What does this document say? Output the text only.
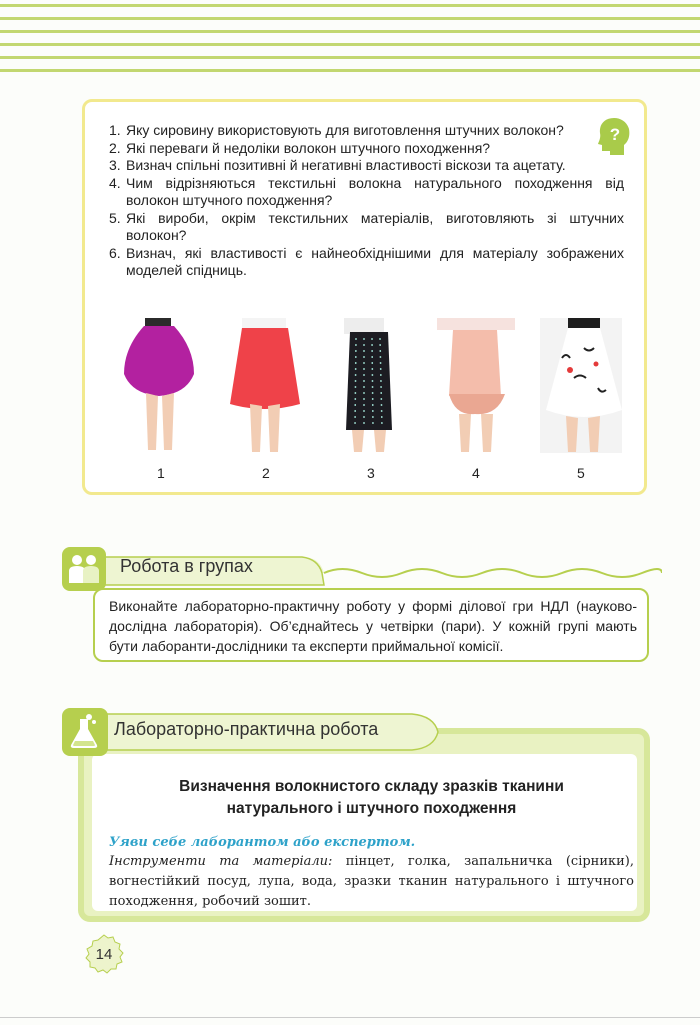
1. Яку сировину використовують для виготовлення штучних волокон?
2. Які переваги й недоліки волокон штучного походження?
3. Визнач спільні позитивні й негативні властивості віскози та ацетату.
4. Чим відрізняються текстильні волокна натурального походження від волокон штучного походження?
5. Які вироби, окрім текстильних матеріалів, виготовляють зі штучних волокон?
6. Визнач, які властивості є найнеобхіднішими для матеріалу зображених моделей спідниць.
?
1	2	3	4	5
Робота в групах

Виконайте лабораторно-практичну роботу у формі ділової гри НДЛ (науково-дослідна лабораторія). Об’єднайтесь у четвірки (пари). У кожній групі мають бути лаборанти-дослідники та експерти приймальної комісії.

Лабораторно-практична робота
Визначення волокнистого складу зразків тканини
натурального і штучного походження
Уяви себе лаборантом або експертом.
Інструменти та матеріали: пінцет, голка, запальничка (сірники), вогнестійкий посуд, лупа, вода, зразки тканин натурального і штучного походження, робочий зошит.
14
